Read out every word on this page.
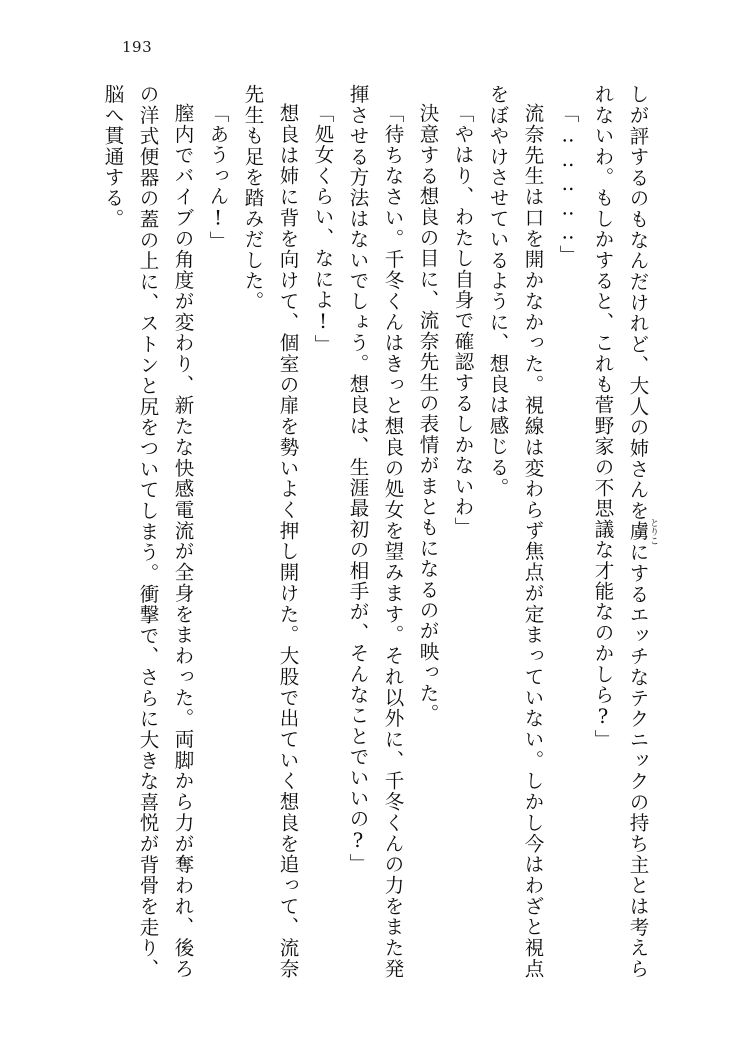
193

しが評するのもなんだけれど、大人の姉さんを虜とりこにするエッチなテクニックの持ち主とは考えられないわ。もしかすると、これも菅野家の不思議な才能なのかしら?」

「‥‥‥‥‥」

流奈先生は口を開かなかった。視線は変わらず焦点が定まっていない。しかし今はわざと視点をぼやけさせているように、想良は感じる。

「やはり、わたし自身で確認するしかないわ」

決意する想良の目に、流奈先生の表情がまともになるのが映った。

「待ちなさい。千冬くんはきっと想良の処女を望みます。それ以外に、千冬くんの力をまた発揮させる方法はないでしょう。想良は、生涯最初の相手が、そんなことでいいの?」

「処女くらい、なによ!」

想良は姉に背を向けて、個室の扉を勢いよく押し開けた。大股で出ていく想良を追って、流奈先生も足を踏みだした。

「あうっん!」

膣内でバイブの角度が変わり、新たな快感電流が全身をまわった。両脚から力が奪われ、後ろの洋式便器の蓋の上に、ストンと尻をついてしまう。衝撃で、さらに大きな喜悦が背骨を走り、脳へ貫通する。
